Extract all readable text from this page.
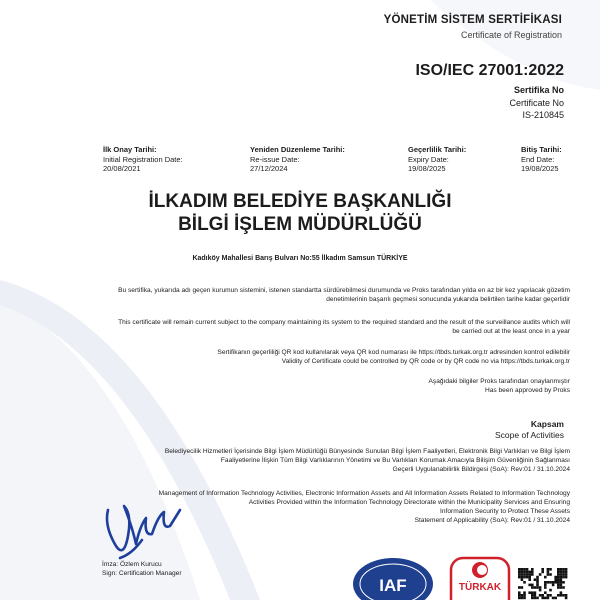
YÖNETİM SİSTEM SERTİFİKASI
Certificate of Registration
ISO/IEC 27001:2022
Sertifika No
Certificate No
IS-210845
İlk Onay Tarihi:
Initial Registration Date:
20/08/2021
Yeniden Düzenleme Tarihi:
Re-issue Date:
27/12/2024
Geçerlilik Tarihi:
Expiry Date:
19/08/2025
Bitiş Tarihi:
End Date:
19/08/2025
İLKADIM BELEDİYE BAŞKANLIĞI
BİLGİ İŞLEM MÜDÜRLÜĞÜ
Kadıköy Mahallesi Barış Bulvarı No:55 İlkadım Samsun TÜRKİYE
Bu sertifika, yukarıda adı geçen kurumun sistemini, istenen standartta sürdürebilmesi durumunda ve Proks tarafından yılda en az bir kez yapılacak gözetim
denetimlerinin başarılı geçmesi sonucunda yukarıda belirtilen tarihe kadar geçerlidir
This certificate will remain current subject to the company maintaining its system to the required standard and the result of the surveillance audits which will
be carried out at the least once in a year
Sertifikanın geçerliliği QR kod kullanılarak veya QR kod numarası ile https://tbds.turkak.org.tr adresinden kontrol edilebilir
Validity of Certificate could be controlled by QR code or by QR code no via https://tbds.turkak.org.tr
Aşağıdaki bilgiler Proks tarafından onaylanmıştır
Has been approved by Proks
Kapsam
Scope of Activities
Belediyecilik Hizmetleri İçerisinde Bilgi İşlem Müdürlüğü Bünyesinde Sunulan Bilgi İşlem Faaliyetleri, Elektronik Bilgi Varlıkları ve Bilgi İşlem
Faaliyetlerine İlişkin Tüm Bilgi Varlıklarının Yönetimi ve Bu Varlıkları Korumak Amacıyla Bilişim Güvenliğinin Sağlanması
Geçerli Uygulanabilirlik Bildirgesi (SoA): Rev:01 / 31.10.2024
Management of Information Technology Activities, Electronic Information Assets and All Information Assets Related to Information Technology
Activities Provided within the Information Technology Directorate within the Municipality Services and Ensuring
Information Security to Protect These Assets
Statement of Applicability (SoA): Rev:01 / 31.10.2024
İmza: Özlem Kurucu
Sign: Certification Manager
IAF	TÜRKAK
